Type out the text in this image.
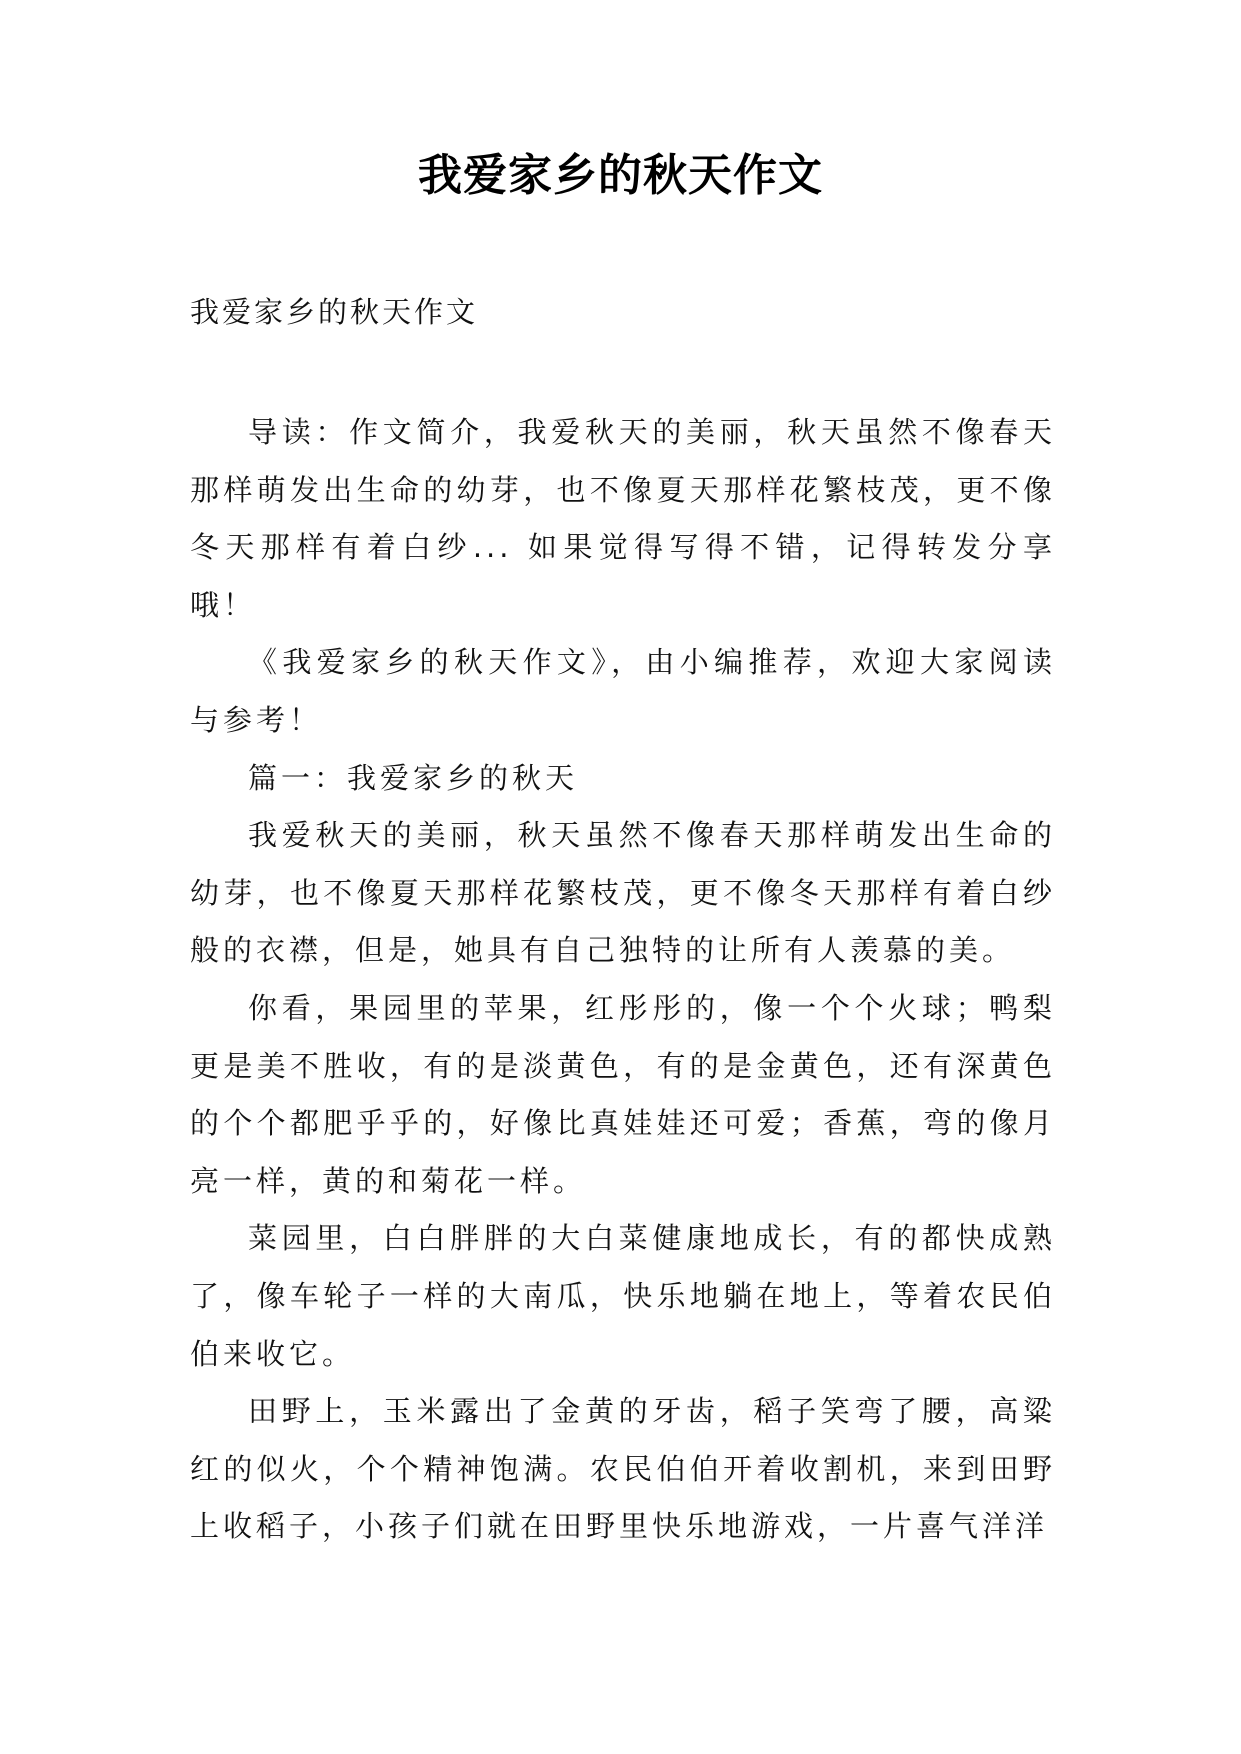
我爱家乡的秋天作文
我爱家乡的秋天作文

导读：作文简介，我爱秋天的美丽，秋天虽然不像春天那样萌发出生命的幼芽，也不像夏天那样花繁枝茂，更不像冬天那样有着白纱... 如果觉得写得不错，记得转发分享哦！

《我爱家乡的秋天作文》，由小编推荐，欢迎大家阅读与参考！

篇一：我爱家乡的秋天

我爱秋天的美丽，秋天虽然不像春天那样萌发出生命的幼芽，也不像夏天那样花繁枝茂，更不像冬天那样有着白纱般的衣襟，但是，她具有自己独特的让所有人羡慕的美。

你看，果园里的苹果，红彤彤的，像一个个火球；鸭梨更是美不胜收，有的是淡黄色，有的是金黄色，还有深黄色的个个都肥乎乎的，好像比真娃娃还可爱；香蕉，弯的像月亮一样，黄的和菊花一样。

菜园里，白白胖胖的大白菜健康地成长，有的都快成熟了，像车轮子一样的大南瓜，快乐地躺在地上，等着农民伯伯来收它。

田野上，玉米露出了金黄的牙齿，稻子笑弯了腰，高粱红的似火，个个精神饱满。农民伯伯开着收割机，来到田野上收稻子，小孩子们就在田野里快乐地游戏，一片喜气洋洋
